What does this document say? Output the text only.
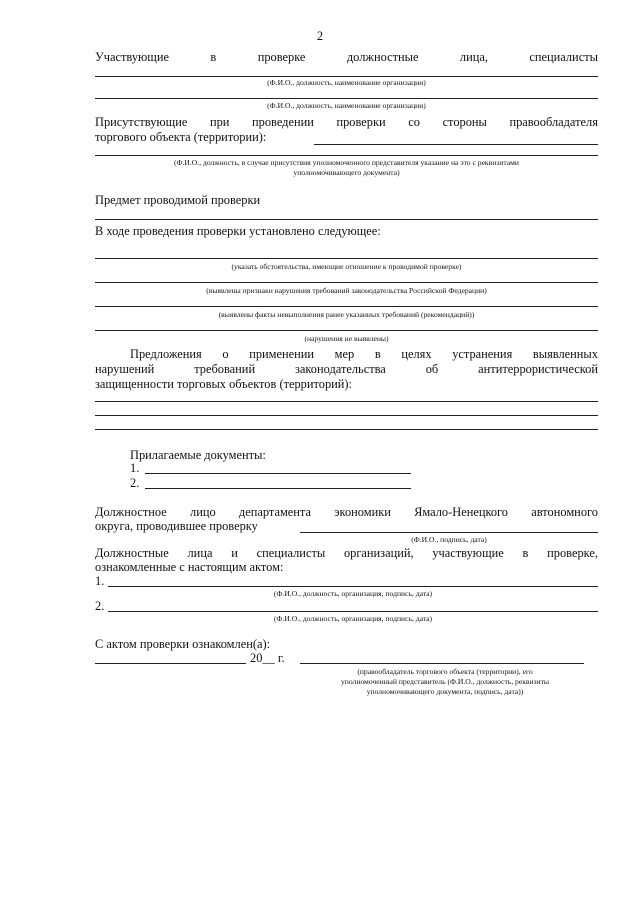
2
Участвующие	в	проверке	должностные	лица,	специалисты
(Ф.И.О., должность, наименование организации)
(Ф.И.О., должность, наименование организации)
Присутствующие при проведении проверки со стороны правообладателя
торгового объекта (территории):
(Ф.И.О., должность, в случае присутствия уполномоченного представителя указание на это с реквизитами
уполномочивающего документа)
Предмет проводимой проверки
В ходе проведения проверки установлено следующее:
(указать обстоятельства, имеющие отношение к проводимой проверке)
(выявлены признаки нарушения требований законодательства Российской Федерации)
(выявлены факты невыполнения ранее указанных требований (рекомендаций))
(нарушения не выявлены)
Предложения о применении мер в целях устранения выявленных
нарушений	требований	законодательства	об	антитеррористической
защищенности торговых объектов (территорий):
Прилагаемые документы:
1.
2.
Должностное лицо департамента экономики Ямало-Ненецкого автономного
округа, проводившее проверку
(Ф.И.О., подпись, дата)
Должностные лица и специалисты организаций, участвующие в проверке,
ознакомленные с настоящим актом:
1.
(Ф.И.О., должность, организация, подпись, дата)
2.
(Ф.И.О., должность, организация, подпись, дата)
С актом проверки ознакомлен(а):
20__ г.
(правообладатель торгового объекта (территории), его
уполномоченный представитель (Ф.И.О., должность, реквизиты
уполномочивающего документа, подпись, дата))
